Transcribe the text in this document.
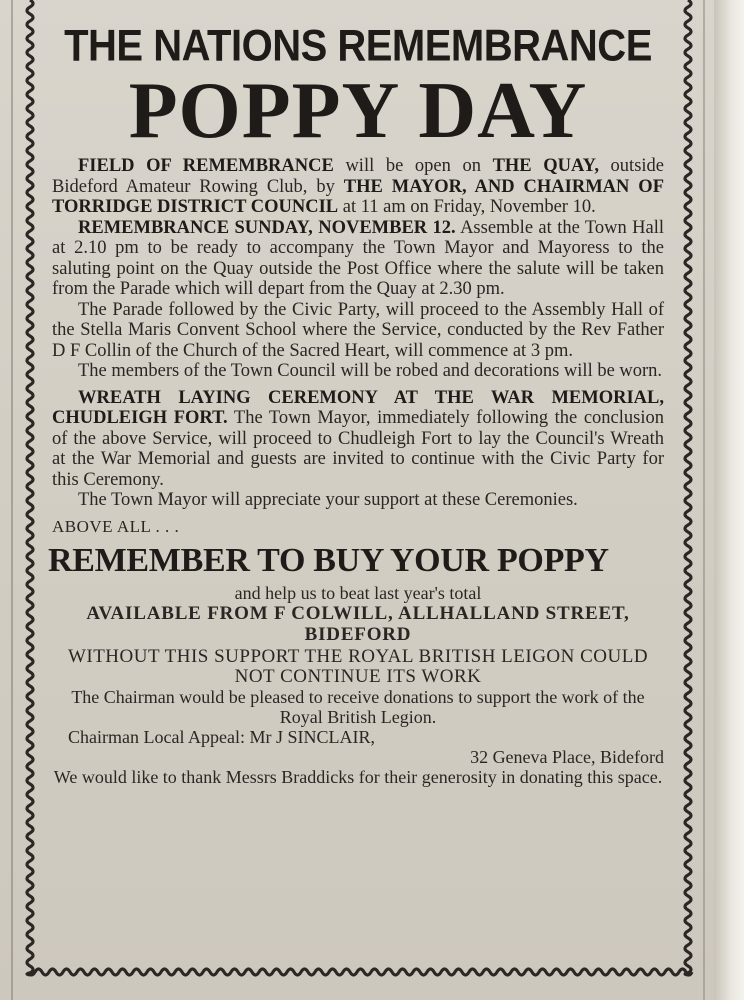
THE NATIONS REMEMBRANCE
POPPY DAY

FIELD OF REMEMBRANCE will be open on THE QUAY, outside Bideford Amateur Rowing Club, by THE MAYOR, AND CHAIRMAN OF TORRIDGE DISTRICT COUNCIL at 11 am on Friday, November 10.

REMEMBRANCE SUNDAY, NOVEMBER 12. Assemble at the Town Hall at 2.10 pm to be ready to accompany the Town Mayor and Mayoress to the saluting point on the Quay outside the Post Office where the salute will be taken from the Parade which will depart from the Quay at 2.30 pm.

The Parade followed by the Civic Party, will proceed to the Assembly Hall of the Stella Maris Convent School where the Service, conducted by the Rev Father D F Collin of the Church of the Sacred Heart, will commence at 3 pm.

The members of the Town Council will be robed and decorations will be worn.

WREATH LAYING CEREMONY AT THE WAR MEMORIAL, CHUDLEIGH FORT. The Town Mayor, immediately following the conclusion of the above Service, will proceed to Chudleigh Fort to lay the Council's Wreath at the War Memorial and guests are invited to continue with the Civic Party for this Ceremony.

The Town Mayor will appreciate your support at these Ceremonies.

ABOVE ALL . . .
REMEMBER TO BUY YOUR POPPY
and help us to beat last year's total
AVAILABLE FROM F COLWILL, ALLHALLAND STREET, BIDEFORD
WITHOUT THIS SUPPORT THE ROYAL BRITISH LEIGON COULD NOT CONTINUE ITS WORK
The Chairman would be pleased to receive donations to support the work of the Royal British Legion.
Chairman Local Appeal: Mr J SINCLAIR,
32 Geneva Place, Bideford
We would like to thank Messrs Braddicks for their generosity in donating this space.
